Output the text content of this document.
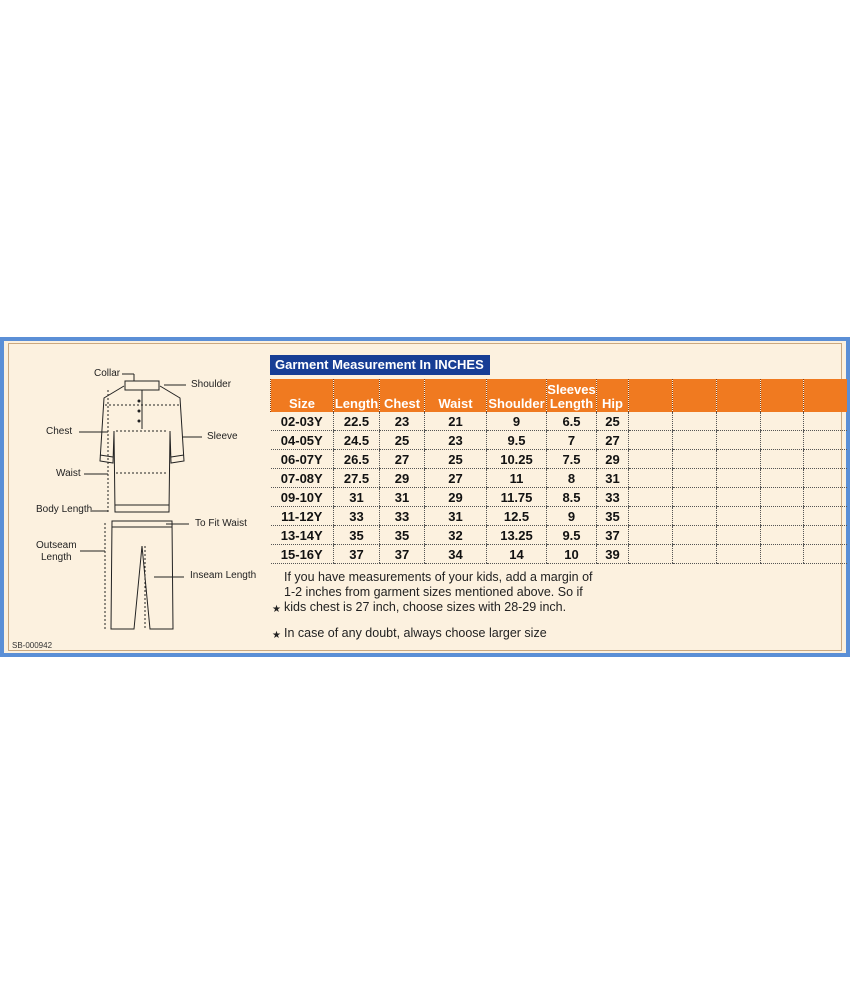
Collar
Shoulder
Chest	Sleeve
Waist
Body Length
To Fit Waist
Outseam
Length
Inseam Length
SB-000942
Garment Measurement In INCHES
Size	Length	Chest	Waist	Shoulder	Sleeves Length	Hip					
02-03Y	22.5	23	21	9	6.5	25					
04-05Y	24.5	25	23	9.5	7	27					
06-07Y	26.5	27	25	10.25	7.5	29					
07-08Y	27.5	29	27	11	8	31					
09-10Y	31	31	29	11.75	8.5	33					
11-12Y	33	33	31	12.5	9	35					
13-14Y	35	35	32	13.25	9.5	37					
15-16Y	37	37	34	14	10	39					
★
If you have measurements of your kids, add a margin of 1-2 inches from garment sizes mentioned above. So if kids chest is 27 inch, choose sizes with 28-29 inch.
★ In case of any doubt, always choose larger size
